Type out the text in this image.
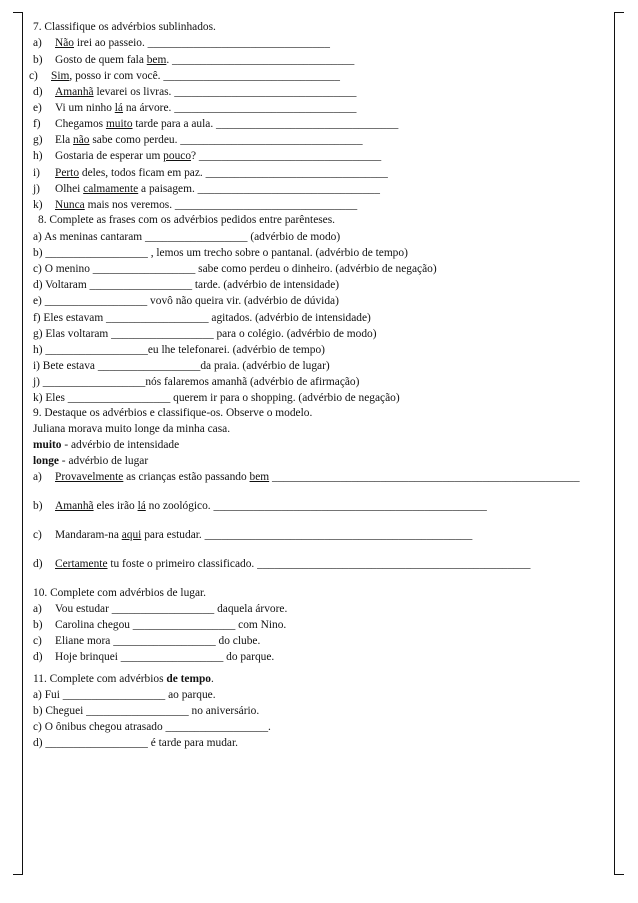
7. Classifique os advérbios sublinhados.
a) Não irei ao passeio. ________________________________
b) Gosto de quem fala bem. ________________________________
c) Sim, posso ir com você. _______________________________
d) Amanhã levarei os livras. ________________________________
e) Vi um ninho lá na árvore. ________________________________
f) Chegamos muito tarde para a aula. ________________________________
g) Ela não sabe como perdeu. ________________________________
h) Gostaria de esperar um pouco? ________________________________
i) Perto deles, todos ficam em paz. ________________________________
j) Olhei calmamente a paisagem. ________________________________
k) Nunca mais nos veremos. ________________________________
8. Complete as frases com os advérbios pedidos entre parênteses.
a) As meninas cantaram __________________ (advérbio de modo)
b) __________________ , lemos um trecho sobre o pantanal. (advérbio de tempo)
c) O menino __________________ sabe como perdeu o dinheiro. (advérbio de negação)
d) Voltaram __________________ tarde. (advérbio de intensidade)
e) __________________ vovô não queira vir. (advérbio de dúvida)
f) Eles estavam __________________ agitados. (advérbio de intensidade)
g) Elas voltaram __________________ para o colégio. (advérbio de modo)
h) __________________eu lhe telefonarei. (advérbio de tempo)
i) Bete estava __________________da praia. (advérbio de lugar)
j) __________________nós falaremos amanhã (advérbio de afirmação)
k) Eles __________________ querem ir para o shopping. (advérbio de negação)
9. Destaque os advérbios e classifique-os. Observe o modelo.
Juliana morava muito longe da minha casa.
muito - advérbio de intensidade
longe - advérbio de lugar
a) Provavelmente as crianças estão passando bem ______________________________________________________
b) Amanhã eles irão lá no zoológico. ________________________________________________
c) Mandaram-na aqui para estudar. _______________________________________________
d) Certamente tu foste o primeiro classificado. ________________________________________________
10. Complete com advérbios de lugar.
a) Vou estudar __________________ daquela árvore.
b) Carolina chegou __________________ com Nino.
c) Eliane mora __________________ do clube.
d) Hoje brinquei __________________ do parque.
11. Complete com advérbios de tempo.
a) Fui __________________ ao parque.
b) Cheguei __________________ no aniversário.
c) O ônibus chegou atrasado __________________.
d) __________________ é tarde para mudar.
